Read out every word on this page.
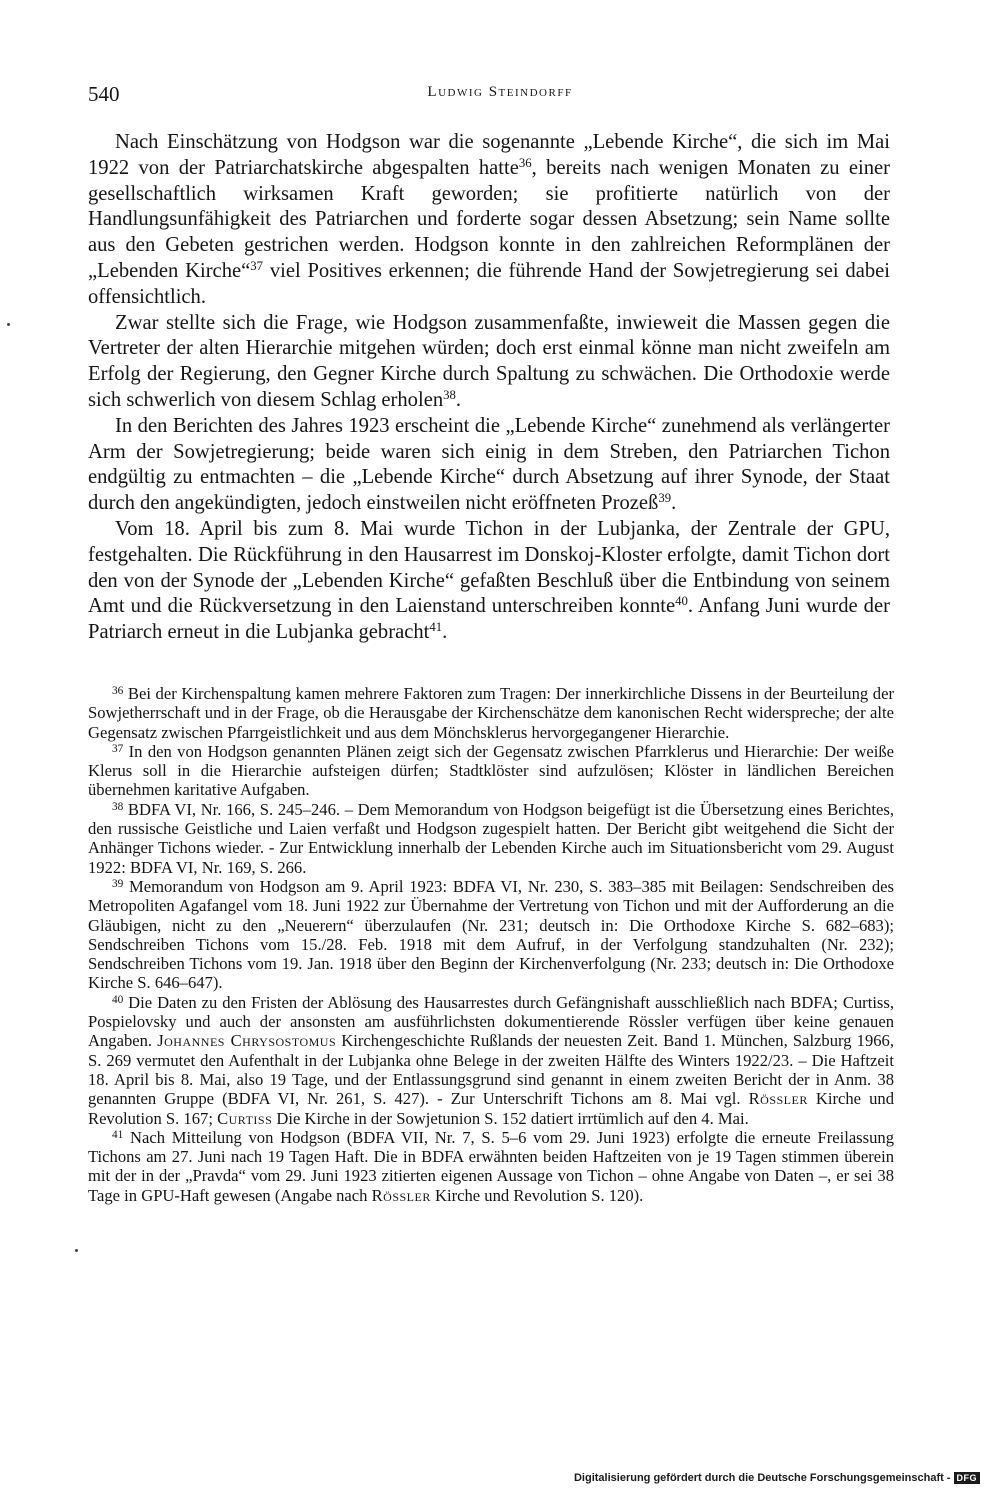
540	Ludwig Steindorff

Nach Einschätzung von Hodgson war die sogenannte „Lebende Kirche“, die sich im Mai 1922 von der Patriarchatskirche abgespalten hatte$^{36}$, bereits nach wenigen Monaten zu einer gesellschaftlich wirksamen Kraft geworden; sie profitierte natürlich von der Handlungsunfähigkeit des Patriarchen und forderte sogar dessen Absetzung; sein Name sollte aus den Gebeten gestrichen werden. Hodgson konnte in den zahlreichen Reformplänen der „Lebenden Kirche“$^{37}$ viel Positives erkennen; die führende Hand der Sowjetregierung sei dabei offensichtlich.

Zwar stellte sich die Frage, wie Hodgson zusammenfaßte, inwieweit die Massen gegen die Vertreter der alten Hierarchie mitgehen würden; doch erst einmal könne man nicht zweifeln am Erfolg der Regierung, den Gegner Kirche durch Spaltung zu schwächen. Die Orthodoxie werde sich schwerlich von diesem Schlag erholen$^{38}$.

In den Berichten des Jahres 1923 erscheint die „Lebende Kirche“ zunehmend als verlängerter Arm der Sowjetregierung; beide waren sich einig in dem Streben, den Patriarchen Tichon endgültig zu entmachten – die „Lebende Kirche“ durch Absetzung auf ihrer Synode, der Staat durch den angekündigten, jedoch einstweilen nicht eröffneten Prozeß$^{39}$.

Vom 18. April bis zum 8. Mai wurde Tichon in der Lubjanka, der Zentrale der GPU, festgehalten. Die Rückführung in den Hausarrest im Donskoj-Kloster erfolgte, damit Tichon dort den von der Synode der „Lebenden Kirche“ gefaßten Beschluß über die Entbindung von seinem Amt und die Rückversetzung in den Laienstand unterschreiben konnte$^{40}$. Anfang Juni wurde der Patriarch erneut in die Lubjanka gebracht$^{41}$.

$^{36}$ Bei der Kirchenspaltung kamen mehrere Faktoren zum Tragen: Der innerkirchliche Dissens in der Beurteilung der Sowjetherrschaft und in der Frage, ob die Herausgabe der Kirchenschätze dem kanonischen Recht widerspreche; der alte Gegensatz zwischen Pfarrgeistlichkeit und aus dem Mönchsklerus hervorgegangener Hierarchie.

$^{37}$ In den von Hodgson genannten Plänen zeigt sich der Gegensatz zwischen Pfarrklerus und Hierarchie: Der weiße Klerus soll in die Hierarchie aufsteigen dürfen; Stadtklöster sind aufzulösen; Klöster in ländlichen Bereichen übernehmen karitative Aufgaben.

$^{38}$ BDFA VI, Nr. 166, S. 245–246. – Dem Memorandum von Hodgson beigefügt ist die Übersetzung eines Berichtes, den russische Geistliche und Laien verfaßt und Hodgson zugespielt hatten. Der Bericht gibt weitgehend die Sicht der Anhänger Tichons wieder. - Zur Entwicklung innerhalb der Lebenden Kirche auch im Situationsbericht vom 29. August 1922: BDFA VI, Nr. 169, S. 266.

$^{39}$ Memorandum von Hodgson am 9. April 1923: BDFA VI, Nr. 230, S. 383–385 mit Beilagen: Sendschreiben des Metropoliten Agafangel vom 18. Juni 1922 zur Übernahme der Vertretung von Tichon und mit der Aufforderung an die Gläubigen, nicht zu den „Neuerern“ überzulaufen (Nr. 231; deutsch in: Die Orthodoxe Kirche S. 682–683); Sendschreiben Tichons vom 15./28. Feb. 1918 mit dem Aufruf, in der Verfolgung standzuhalten (Nr. 232); Sendschreiben Tichons vom 19. Jan. 1918 über den Beginn der Kirchenverfolgung (Nr. 233; deutsch in: Die Orthodoxe Kirche S. 646–647).

$^{40}$ Die Daten zu den Fristen der Ablösung des Hausarrestes durch Gefängnishaft ausschließlich nach BDFA; Curtiss, Pospielovsky und auch der ansonsten am ausführlichsten dokumentierende Rössler verfügen über keine genauen Angaben. Johannes Chrysostomus Kirchengeschichte Rußlands der neuesten Zeit. Band 1. München, Salzburg 1966, S. 269 vermutet den Aufenthalt in der Lubjanka ohne Belege in der zweiten Hälfte des Winters 1922/23. – Die Haftzeit 18. April bis 8. Mai, also 19 Tage, und der Entlassungsgrund sind genannt in einem zweiten Bericht der in Anm. 38 genannten Gruppe (BDFA VI, Nr. 261, S. 427). - Zur Unterschrift Tichons am 8. Mai vgl. Rössler Kirche und Revolution S. 167; Curtiss Die Kirche in der Sowjetunion S. 152 datiert irrtümlich auf den 4. Mai.

$^{41}$ Nach Mitteilung von Hodgson (BDFA VII, Nr. 7, S. 5–6 vom 29. Juni 1923) erfolgte die erneute Freilassung Tichons am 27. Juni nach 19 Tagen Haft. Die in BDFA erwähnten beiden Haftzeiten von je 19 Tagen stimmen überein mit der in der „Pravda“ vom 29. Juni 1923 zitierten eigenen Aussage von Tichon – ohne Angabe von Daten –, er sei 38 Tage in GPU-Haft gewesen (Angabe nach Rössler Kirche und Revolution S. 120).

Digitalisierung gefördert durch die Deutsche Forschungsgemeinschaft - DFG
